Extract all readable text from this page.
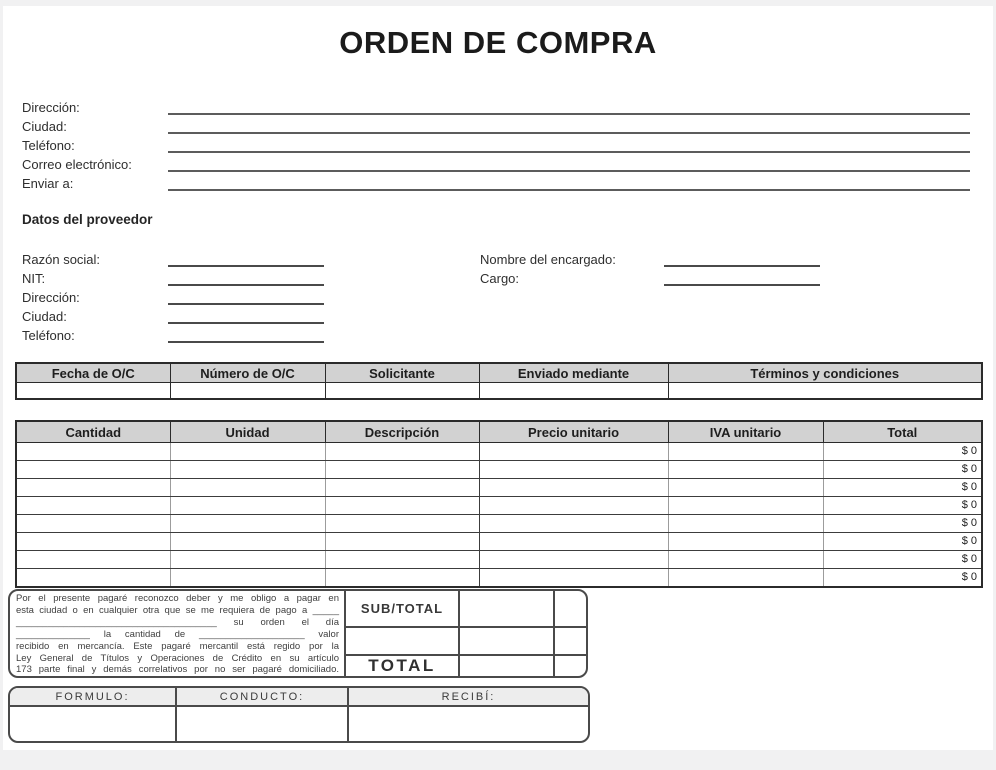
ORDEN DE COMPRA
Dirección:
Ciudad:
Teléfono:
Correo electrónico:
Enviar a:
Datos del proveedor
Razón social:
NIT:
Dirección:
Ciudad:
Teléfono:
Nombre del encargado:
Cargo:
Fecha de O/C	Número de O/C	Solicitante	Enviado mediante	Términos y condiciones

Cantidad	Unidad	Descripción	Precio unitario	IVA unitario	Total
					$ 0
					$ 0
					$ 0
					$ 0
					$ 0
					$ 0
					$ 0
					$ 0
Por el presente pagaré reconozco deber y me obligo a pagar en
esta ciudad o en cualquier otra que se me requiera de pago a _____
______________________________________ su orden el día
______________ la cantidad de ____________________ valor
recibido en mercancía. Este pagaré mercantil está regido por la
Ley General de Títulos y Operaciones de Crédito en su artículo
173 parte final y demás correlativos por no ser pagaré domiciliado.
SUB/TOTAL
TOTAL
FORMULO:	CONDUCTO:	RECIBÍ:
